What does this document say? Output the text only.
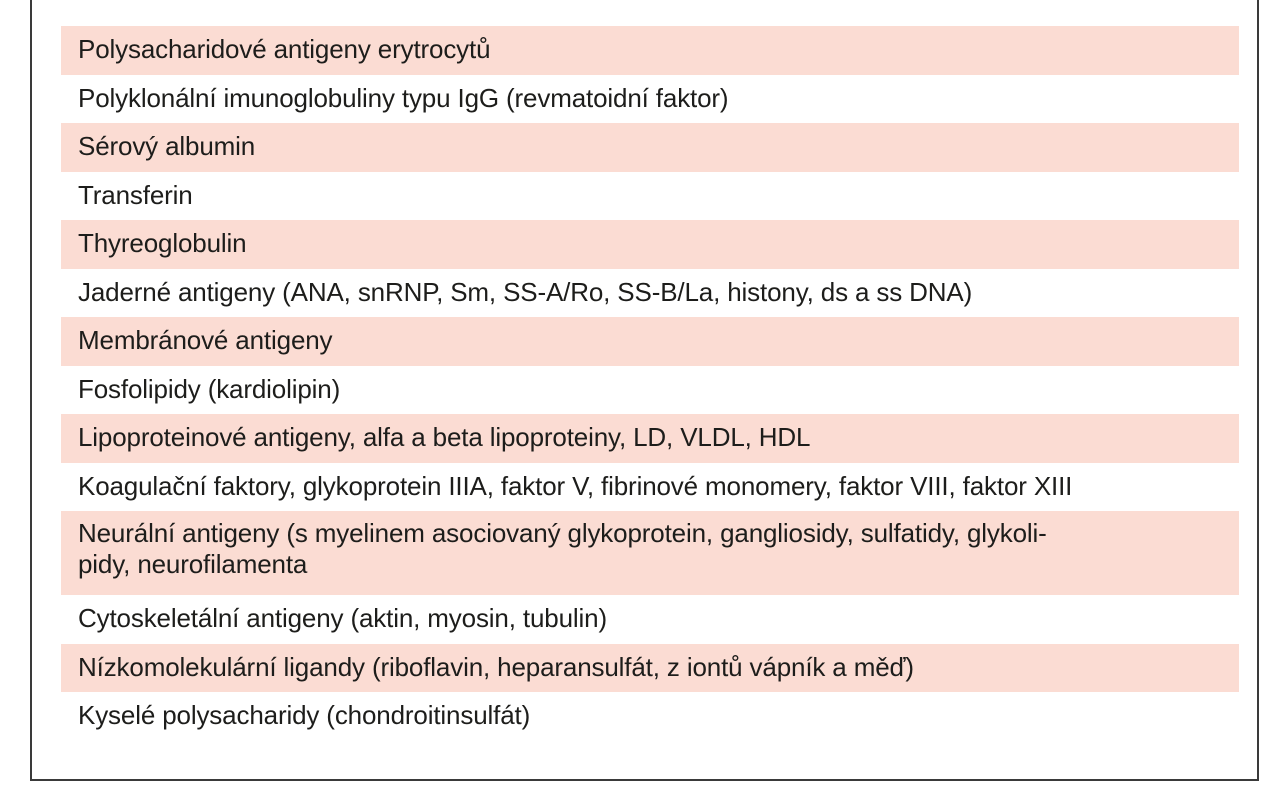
Polysacharidové antigeny erytrocytů
Polyklonální imunoglobuliny typu IgG (revmatoidní faktor)
Sérový albumin
Transferin
Thyreoglobulin
Jaderné antigeny (ANA, snRNP, Sm, SS-A/Ro, SS-B/La, histony, ds a ss DNA)
Membránové antigeny
Fosfolipidy (kardiolipin)
Lipoproteinové antigeny, alfa a beta lipoproteiny, LD, VLDL, HDL
Koagulační faktory, glykoprotein IIIA, faktor V, fibrinové monomery, faktor VIII, faktor XIII
Neurální antigeny (s myelinem asociovaný glykoprotein, gangliosidy, sulfatidy, glykoli-
pidy, neurofilamenta
Cytoskeletální antigeny (aktin, myosin, tubulin)
Nízkomolekulární ligandy (riboflavin, heparansulfát, z iontů vápník a měď)
Kyselé polysacharidy (chondroitinsulfát)
